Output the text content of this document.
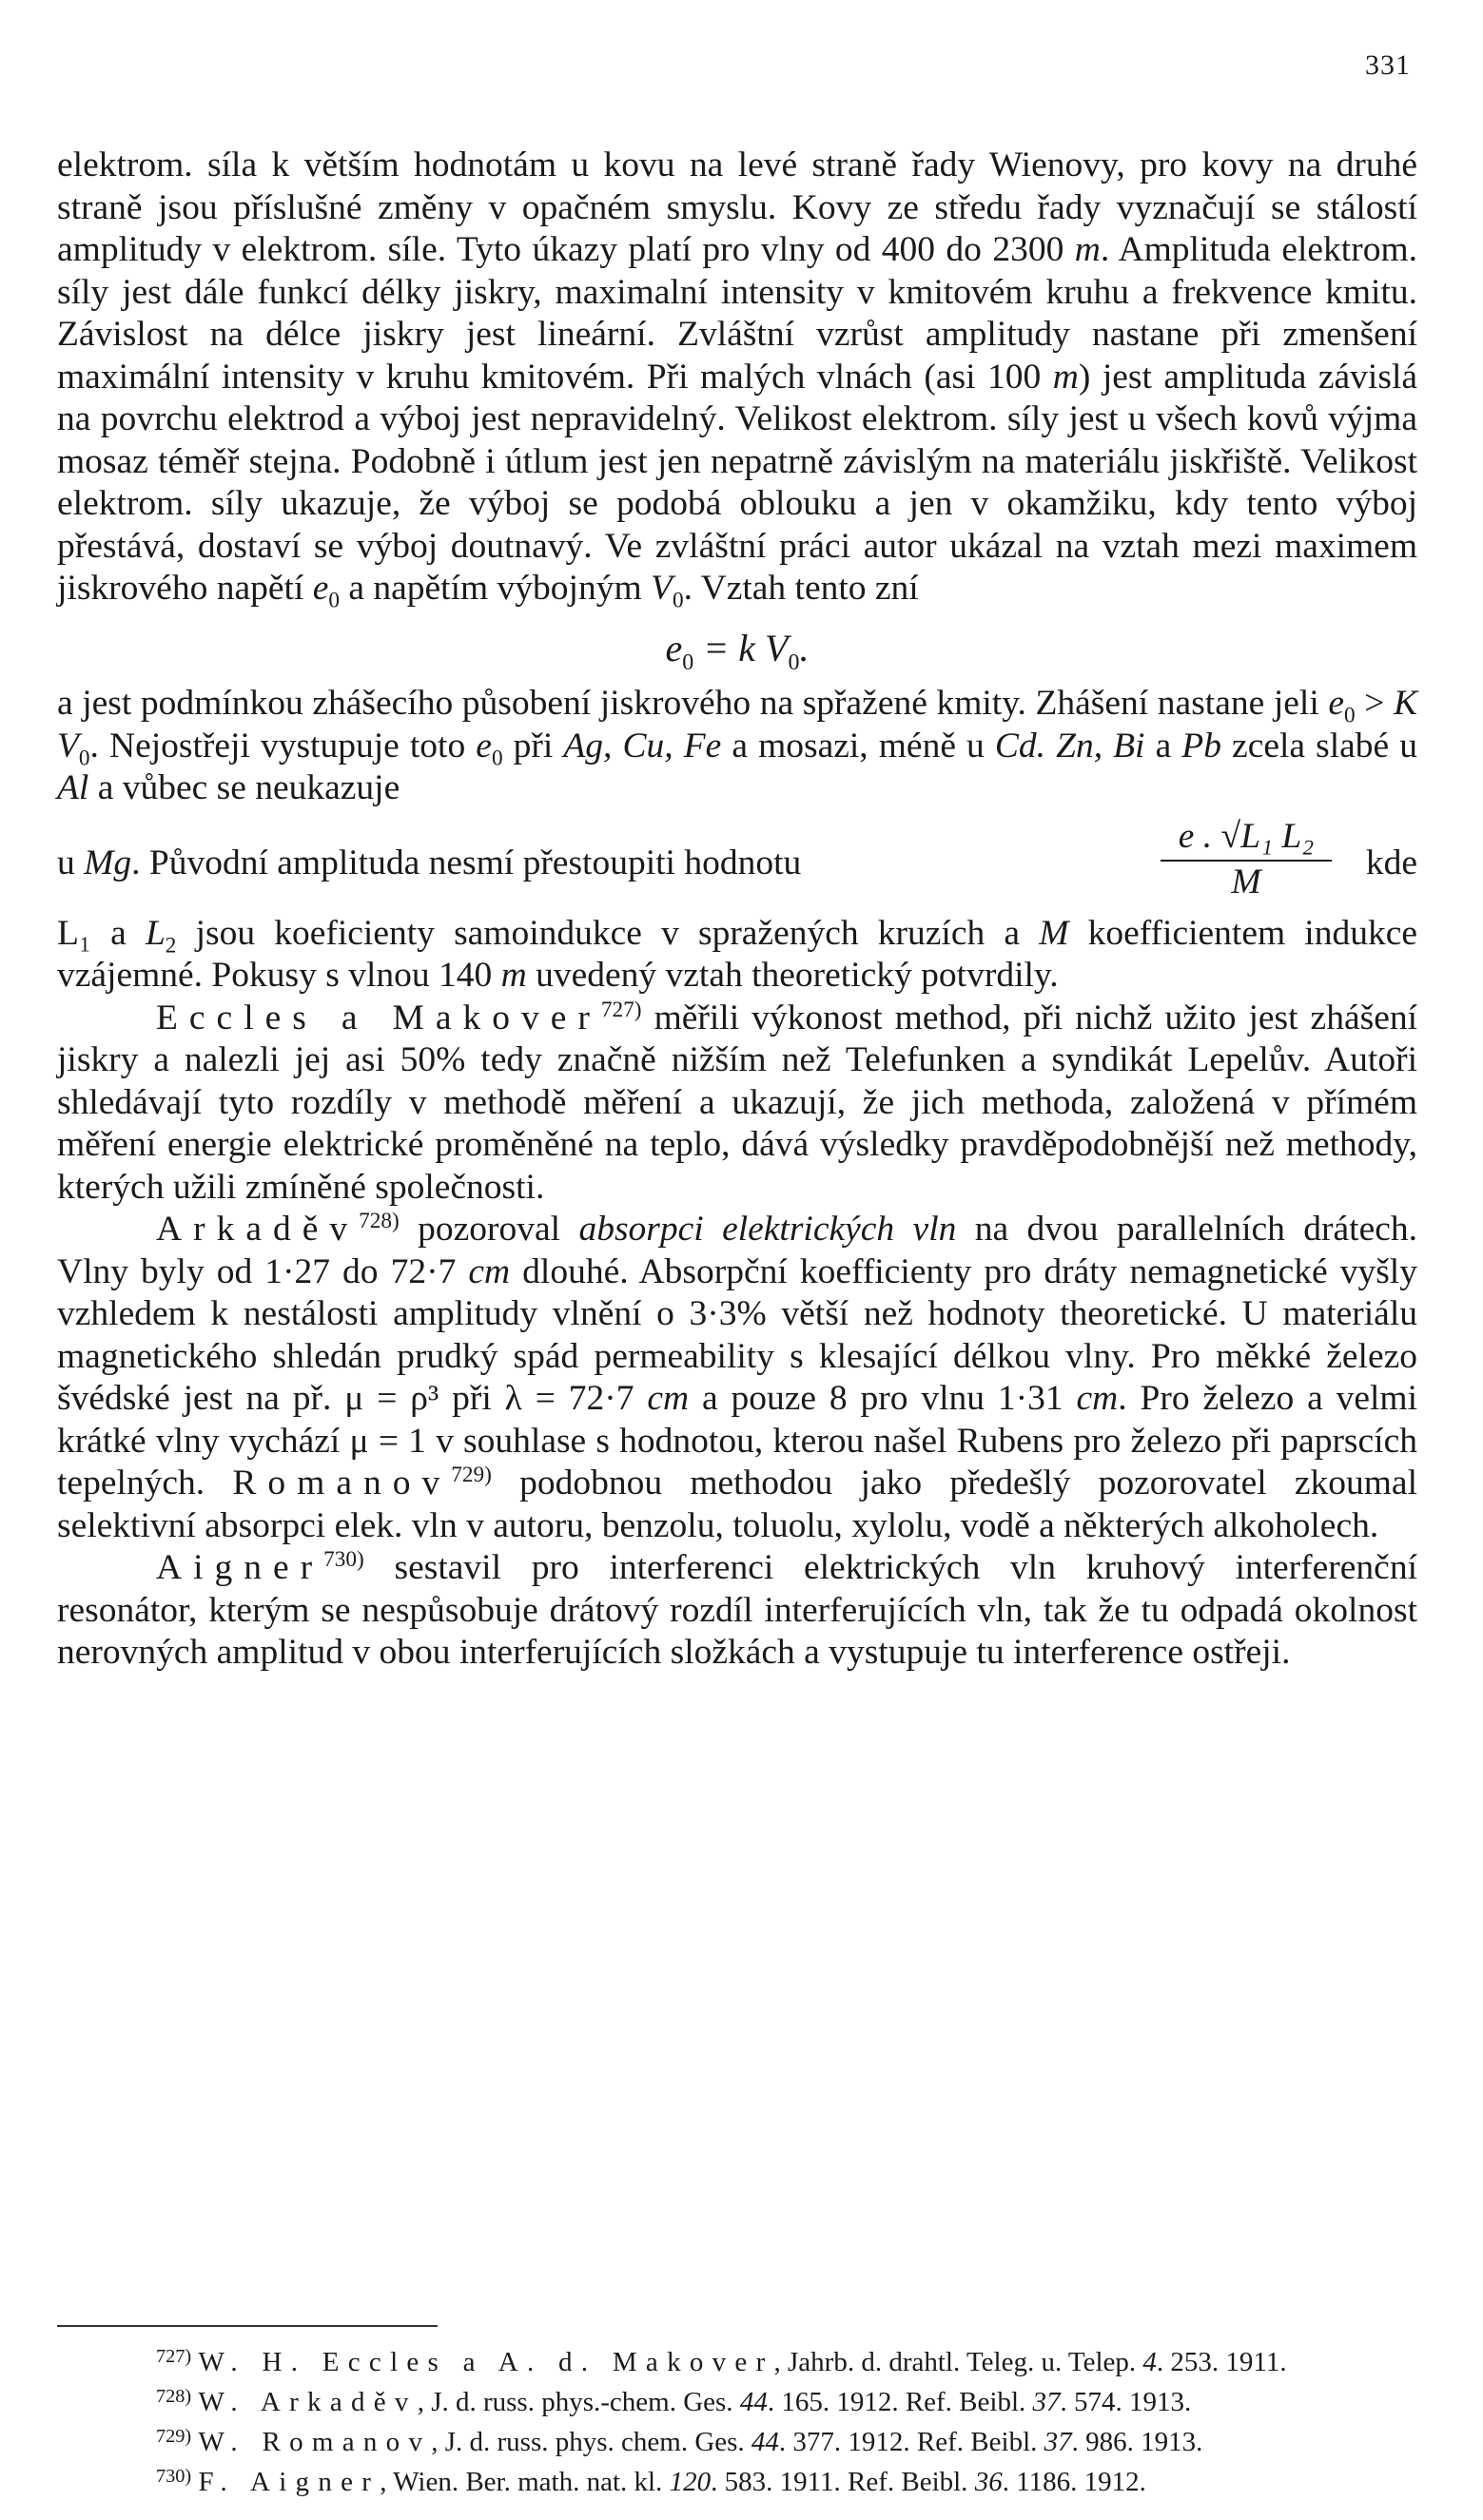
331

elektrom. síla k větším hodnotám u kovu na levé straně řady Wienovy, pro kovy na druhé straně jsou příslušné změny v opačném smyslu. Kovy ze středu řady vyznačují se stálostí amplitudy v elektrom. síle. Tyto úkazy platí pro vlny od 400 do 2300 m. Amplituda elektrom. síly jest dále funkcí délky jiskry, maximalní intensity v kmitovém kruhu a frekvence kmitu. Závislost na délce jiskry jest lineární. Zvláštní vzrůst amplitudy nastane při zmenšení maximální intensity v kruhu kmitovém. Při malých vlnách (asi 100 m) jest amplituda závislá na povrchu elektrod a výboj jest nepravidelný. Velikost elektrom. síly jest u všech kovů výjma mosaz téměř stejna. Podobně i útlum jest jen nepatrně závislým na materiálu jiskřiště. Velikost elektrom. síly ukazuje, že výboj se podobá oblouku a jen v okamžiku, kdy tento výboj přestává, dostaví se výboj doutnavý. Ve zvláštní práci autor ukázal na vztah mezi maximem jiskrového napětí $e_0$ a napětím výbojným $V_0$. Vztah tento zní

$e_0 = k$ $V_0$.

a jest podmínkou zhášecího působení jiskrového na spřažené kmity. Zhášení nastane jeli $e_0 > K$ $V_0$. Nejostřeji vystupuje toto $e_0$ při Ag, Cu, Fe a mosazi, méně u Cd. Zn, Bi a Pb zcela slabé u Al a vůbec se neukazuje

u Mg. Původní amplituda nesmí přestoupiti hodnotu	$\frac{\text{e . √L₁ L₂}}{M}$ kde

L₁ a $L_2$ jsou koeficienty samoindukce v spražených kruzích a M koefficientem indukce vzájemné. Pokusy s vlnou 140 m uvedený vztah theoretický potvrdily.

Eccles a Makover$^{727)}$ měřili výkonost method, při nichž užito jest zhášení jiskry a nalezli jej asi 50% tedy značně nižším než Telefunken a syndikát Lepelův. Autoři shledávají tyto rozdíly v methodě měření a ukazují, že jich methoda, založená v přímém měření energie elektrické proměněné na teplo, dává výsledky pravděpodobnější než methody, kterých užili zmíněné společnosti.

Arkaděv$^{728)}$ pozoroval absorpci elektrických vln na dvou parallelních drátech. Vlny byly od 1·27 do 72·7 cm dlouhé. Absorpční koefficienty pro dráty nemagnetické vyšly vzhledem k nestálosti amplitudy vlnění o 3·3% větší než hodnoty theoretické. U materiálu magnetického shledán prudký spád permeability s klesající délkou vlny. Pro měkké železo švédské jest na př. μ = ρ³ při λ = 72·7 cm a pouze 8 pro vlnu 1·31 cm. Pro železo a velmi krátké vlny vychází μ = 1 v souhlase s hodnotou, kterou našel Rubens pro železo při paprscích tepelných. Romanov$^{729)}$ podobnou methodou jako předešlý pozorovatel zkoumal selektivní absorpci elek. vln v autoru, benzolu, toluolu, xylolu, vodě a některých alkoholech.

Aigner$^{730)}$ sestavil pro interferenci elektrických vln kruhový interferenční resonátor, kterým se nespůsobuje drátový rozdíl interferujících vln, tak že tu odpadá okolnost nerovných amplitud v obou interferujících složkách a vystupuje tu interference ostřeji.

$^{727)}$ W. H. Eccles a A. d. Makover, Jahrb. d. drahtl. Teleg. u. Telep. 4. 253. 1911.

$^{728)}$ W. Arkaděv, J. d. russ. phys.-chem. Ges. 44. 165. 1912. Ref. Beibl. 37. 574. 1913.

$^{729)}$ W. Romanov, J. d. russ. phys. chem. Ges. 44. 377. 1912. Ref. Beibl. 37. 986. 1913.

$^{730)}$ F. Aigner, Wien. Ber. math. nat. kl. 120. 583. 1911. Ref. Beibl. 36. 1186. 1912.
